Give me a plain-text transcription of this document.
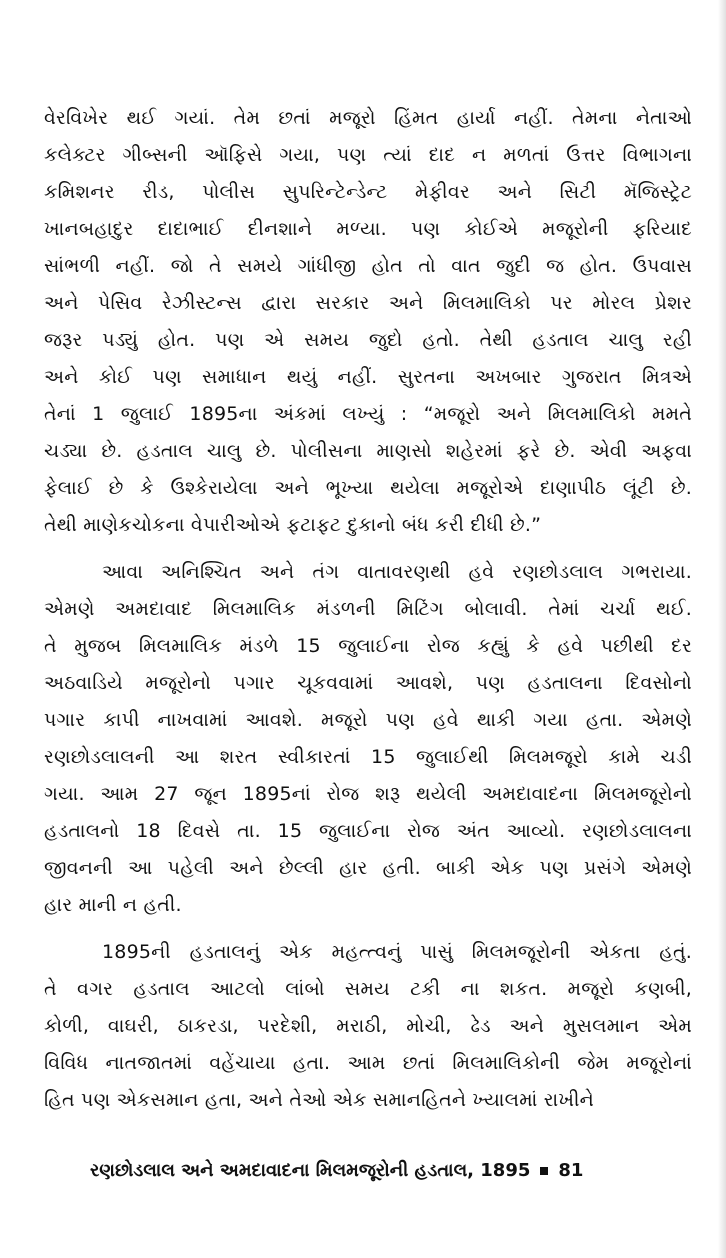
વેરવિખેર થઈ ગયાં. તેમ છતાં મજૂરો હિંમત હાર્યા નહીં. તેમના નેતાઓ
કલેક્ટર ગીબ્સની ઑફિસે ગયા, પણ ત્યાં દાદ ન મળતાં ઉત્તર વિભાગના
કમિશનર રીડ, પોલીસ સુપરિન્ટેન્ડેન્ટ મેફીવર અને સિટી મૅજિસ્ટ્રેટ
ખાનબહાદુર દાદાભાઈ દીનશાને મળ્યા. પણ કોઈએ મજૂરોની ફરિયાદ
સાંભળી નહીં. જો તે સમયે ગાંધીજી હોત તો વાત જુદી જ હોત. ઉપવાસ
અને પેસિવ રેઝીસ્ટન્સ દ્વારા સરકાર અને મિલમાલિકો પર મોરલ પ્રેશર
જરૂર પડ્યું હોત. પણ એ સમય જુદો હતો. તેથી હડતાલ ચાલુ રહી
અને કોઈ પણ સમાધાન થયું નહીં. સુરતના અખબાર ગુજરાત મિત્રએ
તેનાં 1 જુલાઈ 1895ના અંકમાં લખ્યું : “મજૂરો અને મિલમાલિકો મમતે
ચડ્યા છે. હડતાલ ચાલુ છે. પોલીસના માણસો શહેરમાં ફરે છે. એવી અફવા
ફેલાઈ છે કે ઉશ્કેરાયેલા અને ભૂખ્યા થયેલા મજૂરોએ દાણાપીઠ લૂંટી છે.
તેથી માણેકચોકના વેપારીઓએ ફટાફટ દુકાનો બંધ કરી દીધી છે.”
આવા અનિશ્ચિત અને તંગ વાતાવરણથી હવે રણછોડલાલ ગભરાયા.
એમણે અમદાવાદ મિલમાલિક મંડળની મિટિંગ બોલાવી. તેમાં ચર્ચા થઈ.
તે મુજબ મિલમાલિક મંડળે 15 જુલાઈના રોજ કહ્યું કે હવે પછીથી દર
અઠવાડિયે મજૂરોનો પગાર ચૂકવવામાં આવશે, પણ હડતાલના દિવસોનો
પગાર કાપી નાખવામાં આવશે. મજૂરો પણ હવે થાકી ગયા હતા. એમણે
રણછોડલાલની આ શરત સ્વીકારતાં 15 જુલાઈથી મિલમજૂરો કામે ચડી
ગયા. આમ 27 જૂન 1895નાં રોજ શરૂ થયેલી અમદાવાદના મિલમજૂરોનો
હડતાલનો 18 દિવસે તા. 15 જુલાઈના રોજ અંત આવ્યો. રણછોડલાલના
જીવનની આ પહેલી અને છેલ્લી હાર હતી. બાકી એક પણ પ્રસંગે એમણે
હાર માની ન હતી.
1895ની હડતાલનું એક મહત્ત્વનું પાસું મિલમજૂરોની એકતા હતું.
તે વગર હડતાલ આટલો લાંબો સમય ટકી ના શકત. મજૂરો કણબી,
કોળી, વાઘરી, ઠાકરડા, પરદેશી, મરાઠી, મોચી, ઢેડ અને મુસલમાન એમ
વિવિધ નાતજાતમાં વહેંચાયા હતા. આમ છતાં મિલમાલિકોની જેમ મજૂરોનાં
હિત પણ એકસમાન હતા, અને તેઓ એક સમાનહિતને ખ્યાલમાં રાખીને
રણછોડલાલ અને અમદાવાદના મિલમજૂરોની હડતાલ, 1895 81
